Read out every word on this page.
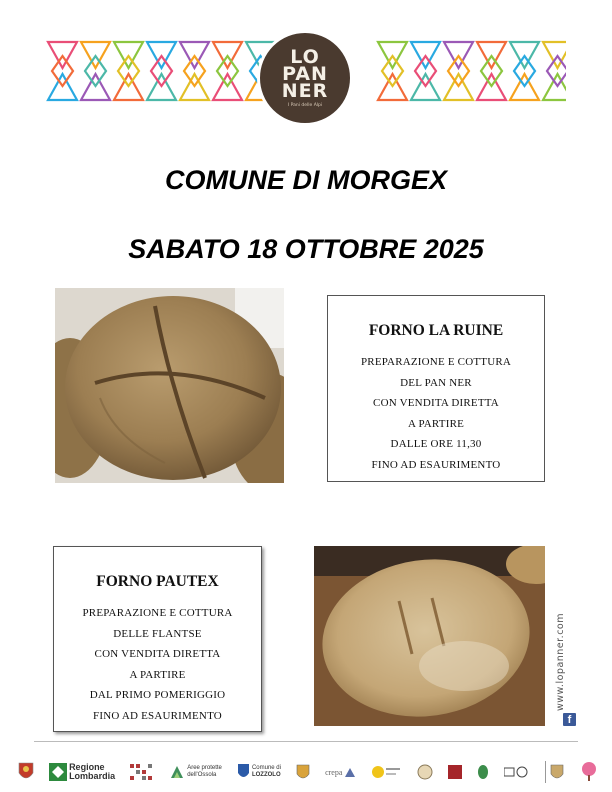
LO
PAN
NER
I Pani delle Alpi
COMUNE DI MORGEX
SABATO 18 OTTOBRE 2025
FORNO LA RUINE
PREPARAZIONE E COTTURA
DEL PAN NER
CON VENDITA DIRETTA
A PARTIRE
DALLE ORE 11,30
FINO AD ESAURIMENTO
FORNO PAUTEX
PREPARAZIONE E COTTURA
DELLE FLANTSE
CON VENDITA DIRETTA
A PARTIRE
DAL PRIMO POMERIGGIO
FINO AD ESAURIMENTO
www.lopanner.com
f
Regione
Lombardia
Aree protette
dell'Ossola
Comune di
LOZZOLO	crepa
